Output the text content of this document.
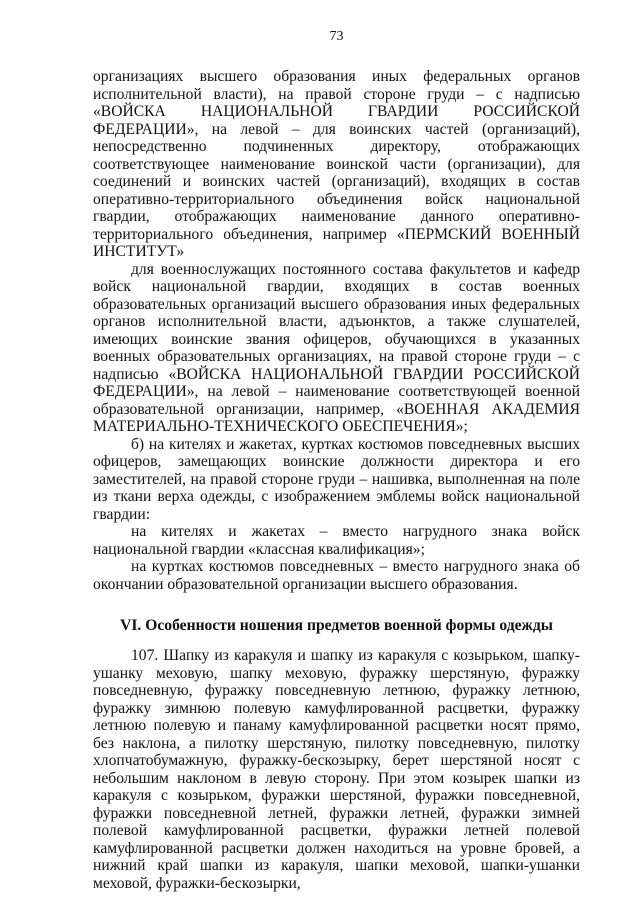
73

организациях высшего образования иных федеральных органов исполнительной власти), на правой стороне груди – с надписью «ВОЙСКА НАЦИОНАЛЬНОЙ ГВАРДИИ РОССИЙСКОЙ ФЕДЕРАЦИИ», на левой – для воинских частей (организаций), непосредственно подчиненных директору, отображающих соответствующее наименование воинской части (организации), для соединений и воинских частей (организаций), входящих в состав оперативно-территориального объединения войск национальной гвардии, отображающих наименование данного оперативно-территориального объединения, например «ПЕРМСКИЙ ВОЕННЫЙ ИНСТИТУТ»

для военнослужащих постоянного состава факультетов и кафедр войск национальной гвардии, входящих в состав военных образовательных организаций высшего образования иных федеральных органов исполнительной власти, адъюнктов, а также слушателей, имеющих воинские звания офицеров, обучающихся в указанных военных образовательных организациях, на правой стороне груди – с надписью «ВОЙСКА НАЦИОНАЛЬНОЙ ГВАРДИИ РОССИЙСКОЙ ФЕДЕРАЦИИ», на левой – наименование соответствующей военной образовательной организации, например, «ВОЕННАЯ АКАДЕМИЯ МАТЕРИАЛЬНО-ТЕХНИЧЕСКОГО ОБЕСПЕЧЕНИЯ»;

б) на кителях и жакетах, куртках костюмов повседневных высших офицеров, замещающих воинские должности директора и его заместителей, на правой стороне груди – нашивка, выполненная на поле из ткани верха одежды, с изображением эмблемы войск национальной гвардии:

на кителях и жакетах – вместо нагрудного знака войск национальной гвардии «классная квалификация»;

на куртках костюмов повседневных – вместо нагрудного знака об окончании образовательной организации высшего образования.

VI. Особенности ношения предметов военной формы одежды

107. Шапку из каракуля и шапку из каракуля с козырьком, шапку-ушанку меховую, шапку меховую, фуражку шерстяную, фуражку повседневную, фуражку повседневную летнюю, фуражку летнюю, фуражку зимнюю полевую камуфлированной расцветки, фуражку летнюю полевую и панаму камуфлированной расцветки носят прямо, без наклона, а пилотку шерстяную, пилотку повседневную, пилотку хлопчатобумажную, фуражку-бескозырку, берет шерстяной носят с небольшим наклоном в левую сторону. При этом козырек шапки из каракуля с козырьком, фуражки шерстяной, фуражки повседневной, фуражки повседневной летней, фуражки летней, фуражки зимней полевой камуфлированной расцветки, фуражки летней полевой камуфлированной расцветки должен находиться на уровне бровей, а нижний край шапки из каракуля, шапки меховой, шапки-ушанки меховой, фуражки-бескозырки,
